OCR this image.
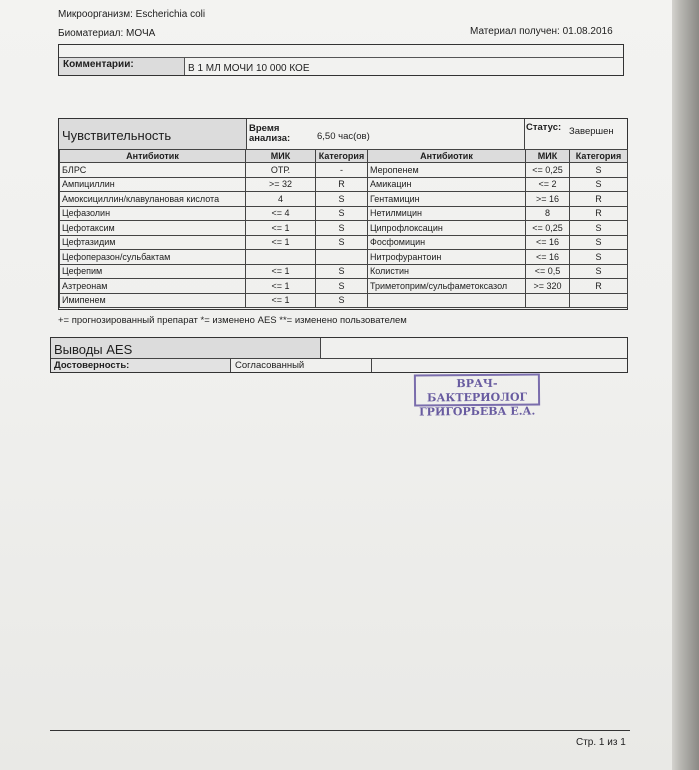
Микроорганизм: Escherichia coli
Биоматериал: МОЧА	Материал получен: 01.08.2016
Комментарии:	В 1 МЛ МОЧИ 10 000 КОЕ
Чувствительность	Время
анализа:	6,50 час(ов)
Статус: Завершен
Антибиотик	МИК	Категория	Антибиотик	МИК	Категория
БЛРС	ОТР.	-	Меропенем	<= 0,25	S
Ампициллин	>= 32	R	Амикацин	<= 2	S
Амоксициллин/клавулановая кислота	4	S	Гентамицин	>= 16	R
Цефазолин	<= 4	S	Нетилмицин	8	R
Цефотаксим	<= 1	S	Ципрофлоксацин	<= 0,25	S
Цефтазидим	<= 1	S	Фосфомицин	<= 16	S
Цефоперазон/сульбактам			Нитрофурантоин	<= 16	S
Цефепим	<= 1	S	Колистин	<= 0,5	S
Азтреонам	<= 1	S	Триметоприм/сульфаметоксазол	>= 320	R
Имипенем	<= 1	S			
+= прогнозированный препарат *= изменено AES **= изменено пользователем
Выводы AES
Достоверность:	Согласованный
ВРАЧ-БАКТЕРИОЛОГ
ГРИГОРЬЕВА Е.А.
Стр. 1 из 1
